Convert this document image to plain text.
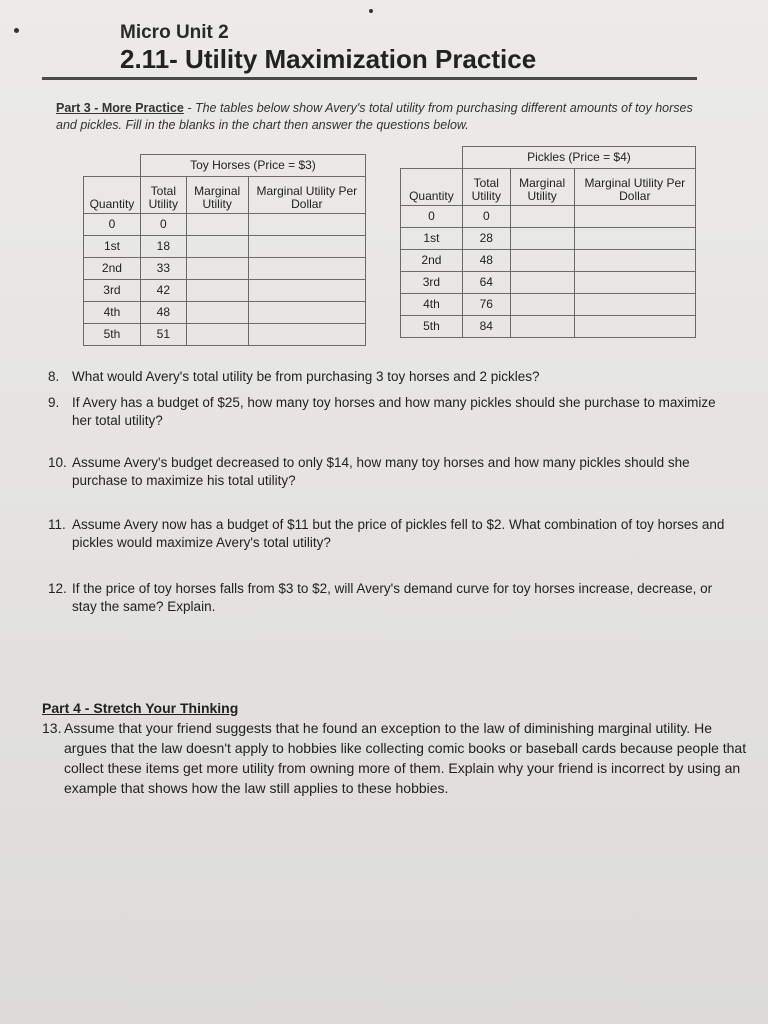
Micro Unit 2
2.11- Utility Maximization Practice
Part 3 - More Practice - The tables below show Avery's total utility from purchasing different amounts of toy horses and pickles. Fill in the blanks in the chart then answer the questions below.
	Toy Horses (Price = $3)		
Quantity	Total Utility	Marginal Utility	Marginal Utility Per Dollar
0	0		
1st	18		
2nd	33		
3rd	42		
4th	48		
5th	51		
	Pickles (Price = $4)		
Quantity	Total Utility	Marginal Utility	Marginal Utility Per Dollar
0	0		
1st	28		
2nd	48		
3rd	64		
4th	76		
5th	84		
8. What would Avery's total utility be from purchasing 3 toy horses and 2 pickles?
9. If Avery has a budget of $25, how many toy horses and how many pickles should she purchase to maximize her total utility?
10. Assume Avery's budget decreased to only $14, how many toy horses and how many pickles should she purchase to maximize his total utility?
11. Assume Avery now has a budget of $11 but the price of pickles fell to $2. What combination of toy horses and pickles would maximize Avery's total utility?
12. If the price of toy horses falls from $3 to $2, will Avery's demand curve for toy horses increase, decrease, or stay the same? Explain.
Part 4 - Stretch Your Thinking
13. Assume that your friend suggests that he found an exception to the law of diminishing marginal utility. He argues that the law doesn't apply to hobbies like collecting comic books or baseball cards because people that collect these items get more utility from owning more of them. Explain why your friend is incorrect by using an example that shows how the law still applies to these hobbies.
